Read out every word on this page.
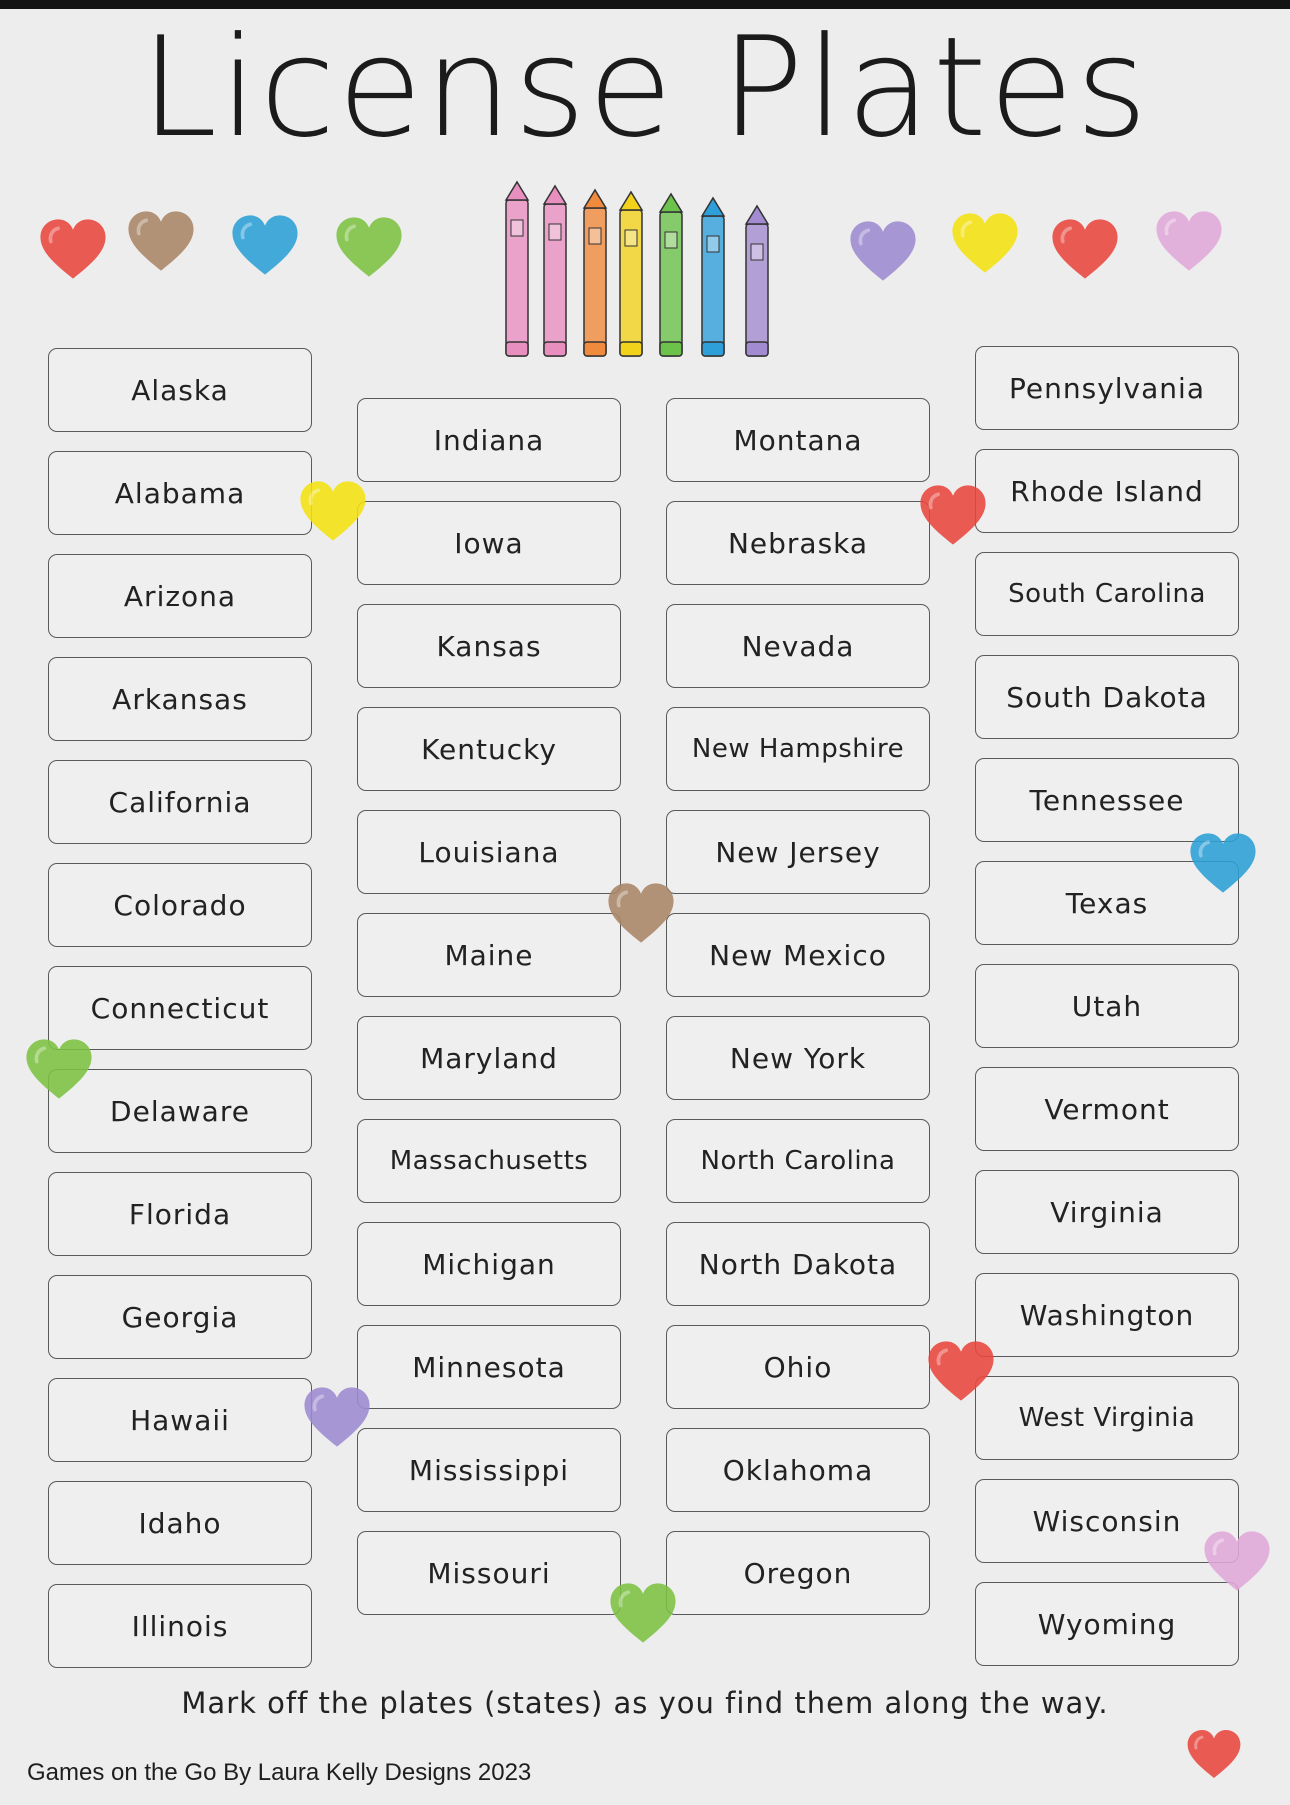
License Plates
Alaska
Alabama
Arizona
Arkansas
California
Colorado
Connecticut
Delaware
Florida
Georgia
Hawaii
Idaho
Illinois
Indiana
Iowa
Kansas
Kentucky
Louisiana
Maine
Maryland
Massachusetts
Michigan
Minnesota
Mississippi
Missouri
Montana
Nebraska
Nevada
New Hampshire
New Jersey
New Mexico
New York
North Carolina
North Dakota
Ohio
Oklahoma
Oregon
Pennsylvania
Rhode Island
South Carolina
South Dakota
Tennessee
Texas
Utah
Vermont
Virginia
Washington
West Virginia
Wisconsin
Wyoming
Mark off the plates (states) as you find them along the way.
Games on the Go By Laura Kelly Designs 2023
